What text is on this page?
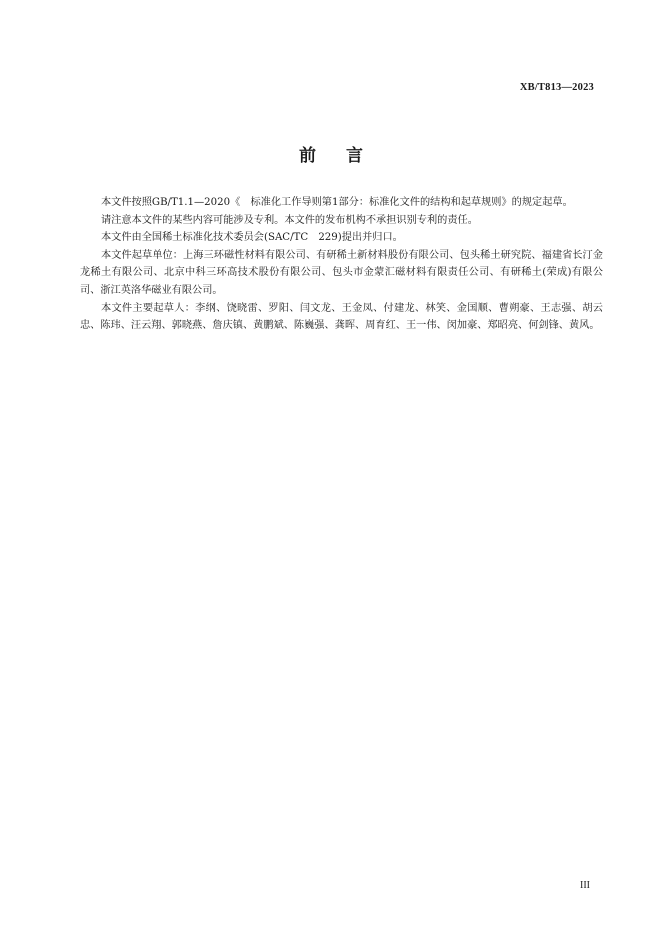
XB/T813—2023
前 言

本文件按照GB/T1.1—2020《　标准化工作导则第1部分：标准化文件的结构和起草规则》的规定起草。

请注意本文件的某些内容可能涉及专利。本文件的发布机构不承担识别专利的责任。

本文件由全国稀土标准化技术委员会(SAC/TC　229)提出并归口。

本文件起草单位：上海三环磁性材料有限公司、有研稀土新材料股份有限公司、包头稀土研究院、福建省长汀金龙稀土有限公司、北京中科三环高技术股份有限公司、包头市金蒙汇磁材料有限责任公司、有研稀土(荣成)有限公司、浙江英洛华磁业有限公司。

本文件主要起草人：李纲、饶晓雷、罗阳、闫文龙、王金凤、付建龙、林笑、金国顺、曹朔豪、王志强、胡云忠、陈玮、汪云翔、郭晓燕、詹庆镇、黄鹏斌、陈巍强、龚晖、周育红、王一伟、闵加豪、郑昭亮、何剑锋、黄风。

III
